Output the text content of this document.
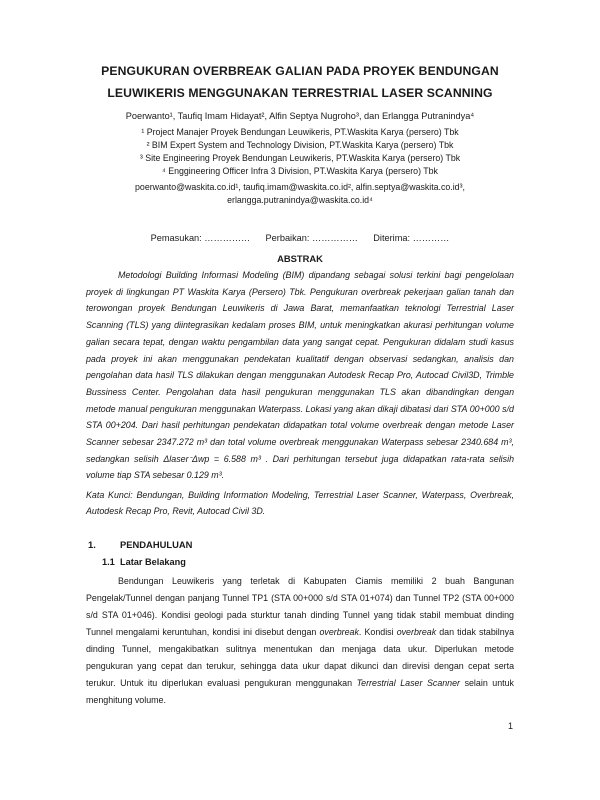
PENGUKURAN OVERBREAK GALIAN PADA PROYEK BENDUNGAN
LEUWIKERIS MENGGUNAKAN TERRESTRIAL LASER SCANNING
Poerwanto¹, Taufiq Imam Hidayat², Alfin Septya Nugroho³, dan Erlangga Putranindya⁴
¹ Project Manajer Proyek Bendungan Leuwikeris, PT.Waskita Karya (persero) Tbk
² BIM Expert System and Technology Division, PT.Waskita Karya (persero) Tbk
³ Site Engineering Proyek Bendungan Leuwikeris, PT.Waskita Karya (persero) Tbk
⁴ Enggineering Officer Infra 3 Division, PT.Waskita Karya (persero) Tbk
poerwanto@waskita.co.id¹, taufiq.imam@waskita.co.id², alfin.septya@waskita.co.id³,
erlangga.putranindya@waskita.co.id⁴
Pemasukan: …………… Perbaikan: …………… Diterima: …………
ABSTRAK

Metodologi Building Informasi Modeling (BIM) dipandang sebagai solusi terkini bagi pengelolaan proyek di lingkungan PT Waskita Karya (Persero) Tbk. Pengukuran overbreak pekerjaan galian tanah dan terowongan proyek Bendungan Leuwikeris di Jawa Barat, memanfaatkan teknologi Terrestrial Laser Scanning (TLS) yang diintegrasikan kedalam proses BIM, untuk meningkatkan akurasi perhitungan volume galian secara tepat, dengan waktu pengambilan data yang sangat cepat. Pengukuran didalam studi kasus pada proyek ini akan menggunakan pendekatan kualitatif dengan observasi sedangkan, analisis dan pengolahan data hasil TLS dilakukan dengan menggunakan Autodesk Recap Pro, Autocad Civil3D, Trimble Bussiness Center. Pengolahan data hasil pengukuran menggunakan TLS akan dibandingkan dengan metode manual pengukuran menggunakan Waterpass. Lokasi yang akan dikaji dibatasi dari STA 00+000 s/d STA 00+204. Dari hasil perhitungan pendekatan didapatkan total volume overbreak dengan metode Laser Scanner sebesar 2347.272 m³ dan total volume overbreak menggunakan Waterpass sebesar 2340.684 m³, sedangkan selisih ΔlaserᐨΔwp = 6.588 m³ . Dari perhitungan tersebut juga didapatkan rata-rata selisih volume tiap STA sebesar 0.129 m³.

Kata Kunci: Bendungan, Building Information Modeling, Terrestrial Laser Scanner, Waterpass, Overbreak, Autodesk Recap Pro, Revit, Autocad Civil 3D.
1.	PENDAHULUAN
1.1 Latar Belakang

Bendungan Leuwikeris yang terletak di Kabupaten Ciamis memiliki 2 buah Bangunan Pengelak/Tunnel dengan panjang Tunnel TP1 (STA 00+000 s/d STA 01+074) dan Tunnel TP2 (STA 00+000 s/d STA 01+046). Kondisi geologi pada sturktur tanah dinding Tunnel yang tidak stabil membuat dinding Tunnel mengalami keruntuhan, kondisi ini disebut dengan overbreak. Kondisi overbreak dan tidak stabilnya dinding Tunnel, mengakibatkan sulitnya menentukan dan menjaga data ukur. Diperlukan metode pengukuran yang cepat dan terukur, sehingga data ukur dapat dikunci dan direvisi dengan cepat serta terukur. Untuk itu diperlukan evaluasi pengukuran menggunakan Terrestrial Laser Scanner selain untuk menghitung volume.

1
